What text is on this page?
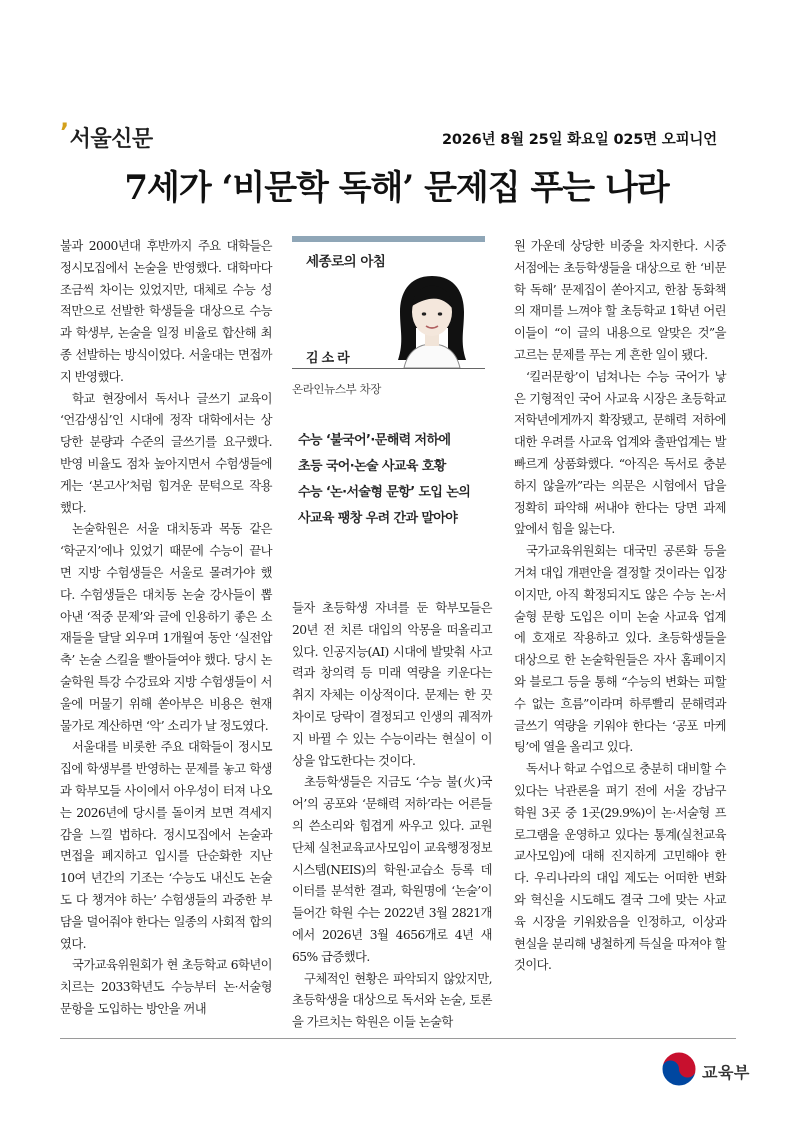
’서울신문	2026년 8월 25일 화요일 025면 오피니언
7세가 ‘비문학 독해’ 문제집 푸는 나라

불과 2000년대 후반까지 주요 대학들은 정시모집에서 논술을 반영했다. 대학마다 조금씩 차이는 있었지만, 대체로 수능 성적만으로 선발한 학생들을 대상으로 수능과 학생부, 논술을 일정 비율로 합산해 최종 선발하는 방식이었다. 서울대는 면접까지 반영했다.

학교 현장에서 독서나 글쓰기 교육이 ‘언감생심’인 시대에 정작 대학에서는 상당한 분량과 수준의 글쓰기를 요구했다. 반영 비율도 점차 높아지면서 수험생들에게는 ‘본고사’처럼 힘겨운 문턱으로 작용했다.

논술학원은 서울 대치동과 목동 같은 ‘학군지’에나 있었기 때문에 수능이 끝나면 지방 수험생들은 서울로 몰려가야 했다. 수험생들은 대치동 논술 강사들이 뽑아낸 ‘적중 문제’와 글에 인용하기 좋은 소재들을 달달 외우며 1개월여 동안 ‘실전압축’ 논술 스킬을 빨아들여야 했다. 당시 논술학원 특강 수강료와 지방 수험생들이 서울에 머물기 위해 쏟아부은 비용은 현재 물가로 계산하면 ‘악’ 소리가 날 정도였다.

서울대를 비롯한 주요 대학들이 정시모집에 학생부를 반영하는 문제를 놓고 학생과 학부모들 사이에서 아우성이 터져 나오는 2026년에 당시를 돌이켜 보면 격세지감을 느낄 법하다. 정시모집에서 논술과 면접을 폐지하고 입시를 단순화한 지난 10여 년간의 기조는 ‘수능도 내신도 논술도 다 챙겨야 하는’ 수험생들의 과중한 부담을 덜어줘야 한다는 일종의 사회적 합의였다.

국가교육위원회가 현 초등학교 6학년이 치르는 2033학년도 수능부터 논·서술형 문항을 도입하는 방안을 꺼내

세종로의 아침
김소라
온라인뉴스부 차장
수능 ‘불국어’·문해력 저하에
초등 국어·논술 사교육 호황
수능 ‘논·서술형 문항’ 도입 논의
사교육 팽창 우려 간과 말아야

들자 초등학생 자녀를 둔 학부모들은 20년 전 치른 대입의 악몽을 떠올리고 있다. 인공지능(AI) 시대에 발맞춰 사고력과 창의력 등 미래 역량을 키운다는 취지 자체는 이상적이다. 문제는 한 끗 차이로 당락이 결정되고 인생의 궤적까지 바뀔 수 있는 수능이라는 현실이 이상을 압도한다는 것이다.

초등학생들은 지금도 ‘수능 불(火)국어’의 공포와 ‘문해력 저하’라는 어른들의 쓴소리와 힘겹게 싸우고 있다. 교원단체 실천교육교사모임이 교육행정정보시스템(NEIS)의 학원·교습소 등록 데이터를 분석한 결과, 학원명에 ‘논술’이 들어간 학원 수는 2022년 3월 2821개에서 2026년 3월 4656개로 4년 새 65% 급증했다.

구체적인 현황은 파악되지 않았지만, 초등학생을 대상으로 독서와 논술, 토론을 가르치는 학원은 이들 논술학

원 가운데 상당한 비중을 차지한다. 시중 서점에는 초등학생들을 대상으로 한 ‘비문학 독해’ 문제집이 쏟아지고, 한참 동화책의 재미를 느껴야 할 초등학교 1학년 어린이들이 “이 글의 내용으로 알맞은 것”을 고르는 문제를 푸는 게 흔한 일이 됐다.

‘킬러문항’이 넘쳐나는 수능 국어가 낳은 기형적인 국어 사교육 시장은 초등학교 저학년에게까지 확장됐고, 문해력 저하에 대한 우려를 사교육 업계와 출판업계는 발 빠르게 상품화했다. “아직은 독서로 충분하지 않을까”라는 의문은 시험에서 답을 정확히 파악해 써내야 한다는 당면 과제 앞에서 힘을 잃는다.

국가교육위원회는 대국민 공론화 등을 거쳐 대입 개편안을 결정할 것이라는 입장이지만, 아직 확정되지도 않은 수능 논·서술형 문항 도입은 이미 논술 사교육 업계에 호재로 작용하고 있다. 초등학생들을 대상으로 한 논술학원들은 자사 홈페이지와 블로그 등을 통해 “수능의 변화는 피할 수 없는 흐름”이라며 하루빨리 문해력과 글쓰기 역량을 키워야 한다는 ‘공포 마케팅’에 열을 올리고 있다.

독서나 학교 수업으로 충분히 대비할 수 있다는 낙관론을 펴기 전에 서울 강남구 학원 3곳 중 1곳(29.9%)이 논·서술형 프로그램을 운영하고 있다는 통계(실천교육교사모임)에 대해 진지하게 고민해야 한다. 우리나라의 대입 제도는 어떠한 변화와 혁신을 시도해도 결국 그에 맞는 사교육 시장을 키워왔음을 인정하고, 이상과 현실을 분리해 냉철하게 득실을 따져야 할 것이다.

교육부
